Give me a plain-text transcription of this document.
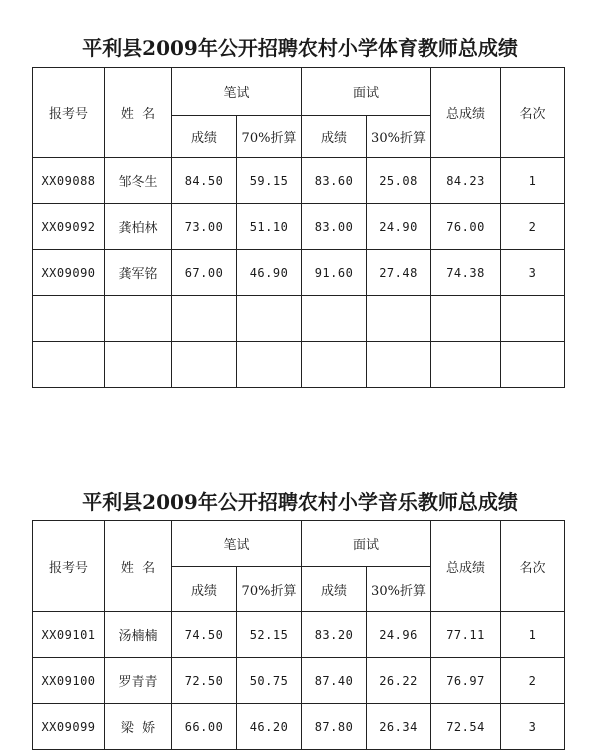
平利县2009年公开招聘农村小学体育教师总成绩
报考号	姓  名	笔试		面试		总成绩	名次
		成绩	70%折算	成绩	30%折算		
XX09088	邹冬生	84.50	59.15	83.60	25.08	84.23	1
XX09092	龚柏林	73.00	51.10	83.00	24.90	76.00	2
XX09090	龚军铭	67.00	46.90	91.60	27.48	74.38	3

平利县2009年公开招聘农村小学音乐教师总成绩
报考号	姓  名	笔试		面试		总成绩	名次
		成绩	70%折算	成绩	30%折算		
XX09101	汤楠楠	74.50	52.15	83.20	24.96	77.11	1
XX09100	罗青青	72.50	50.75	87.40	26.22	76.97	2
XX09099	梁  娇	66.00	46.20	87.80	26.34	72.54	3
